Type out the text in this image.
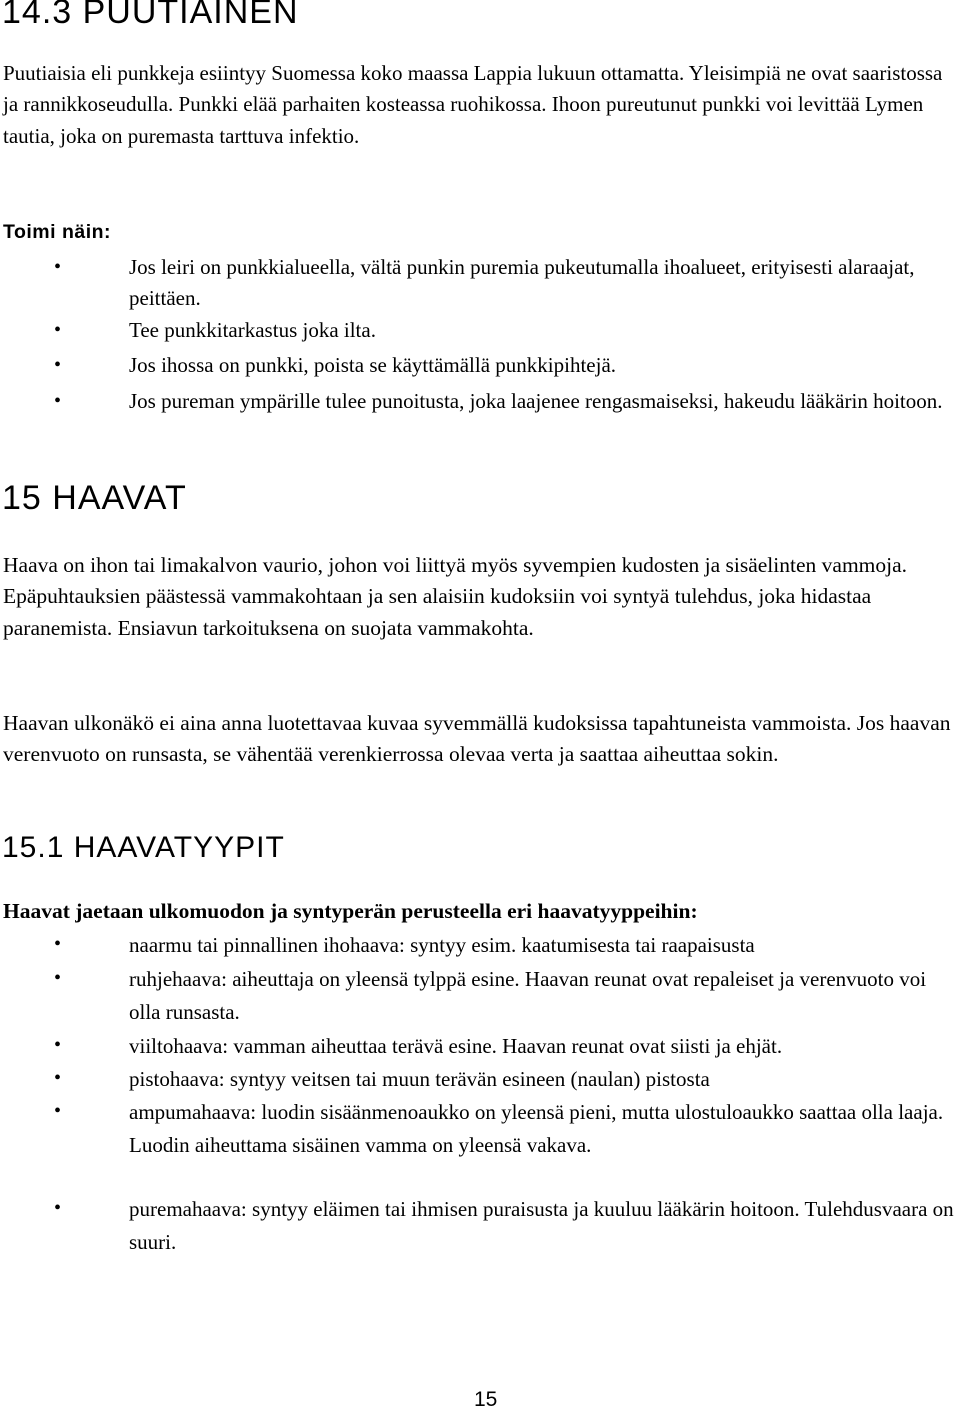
14.3 PUUTIAINEN

Puutiaisia eli punkkeja esiintyy Suomessa koko maassa Lappia lukuun ottamatta. Yleisimpiä ne ovat saaristossa ja rannikkoseudulla. Punkki elää parhaiten kosteassa ruohikossa. Ihoon pureutunut punkki voi levittää Lymen tautia, joka on puremasta tarttuva infektio.

Toimi näin:
•	Jos leiri on punkkialueella, vältä punkin puremia pukeutumalla ihoalueet, erityisesti alaraajat, peittäen.
•	Tee punkkitarkastus joka ilta.
•	Jos ihossa on punkki, poista se käyttämällä punkkipihtejä.
•	Jos pureman ympärille tulee punoitusta, joka laajenee rengasmaiseksi, hakeudu lääkärin hoitoon.
15 HAAVAT

Haava on ihon tai limakalvon vaurio, johon voi liittyä myös syvempien kudosten ja sisäelinten vammoja. Epäpuhtauksien päästessä vammakohtaan ja sen alaisiin kudoksiin voi syntyä tulehdus, joka hidastaa paranemista. Ensiavun tarkoituksena on suojata vammakohta.

Haavan ulkonäkö ei aina anna luotettavaa kuvaa syvemmällä kudoksissa tapahtuneista vammoista. Jos haavan verenvuoto on runsasta, se vähentää verenkierrossa olevaa verta ja saattaa aiheuttaa sokin.

15.1 HAAVATYYPIT
Haavat jaetaan ulkomuodon ja syntyperän perusteella eri haavatyyppeihin:
•	naarmu tai pinnallinen ihohaava: syntyy esim. kaatumisesta tai raapaisusta
•	ruhjehaava: aiheuttaja on yleensä tylppä esine. Haavan reunat ovat repaleiset ja verenvuoto voi olla runsasta.
•	viiltohaava: vamman aiheuttaa terävä esine. Haavan reunat ovat siisti ja ehjät.
•	pistohaava: syntyy veitsen tai muun terävän esineen (naulan) pistosta
•	ampumahaava: luodin sisäänmenoaukko on yleensä pieni, mutta ulostuloaukko saattaa olla laaja. Luodin aiheuttama sisäinen vamma on yleensä vakava.
•	puremahaava: syntyy eläimen tai ihmisen puraisusta ja kuuluu lääkärin hoitoon. Tulehdusvaara on suuri.
15
